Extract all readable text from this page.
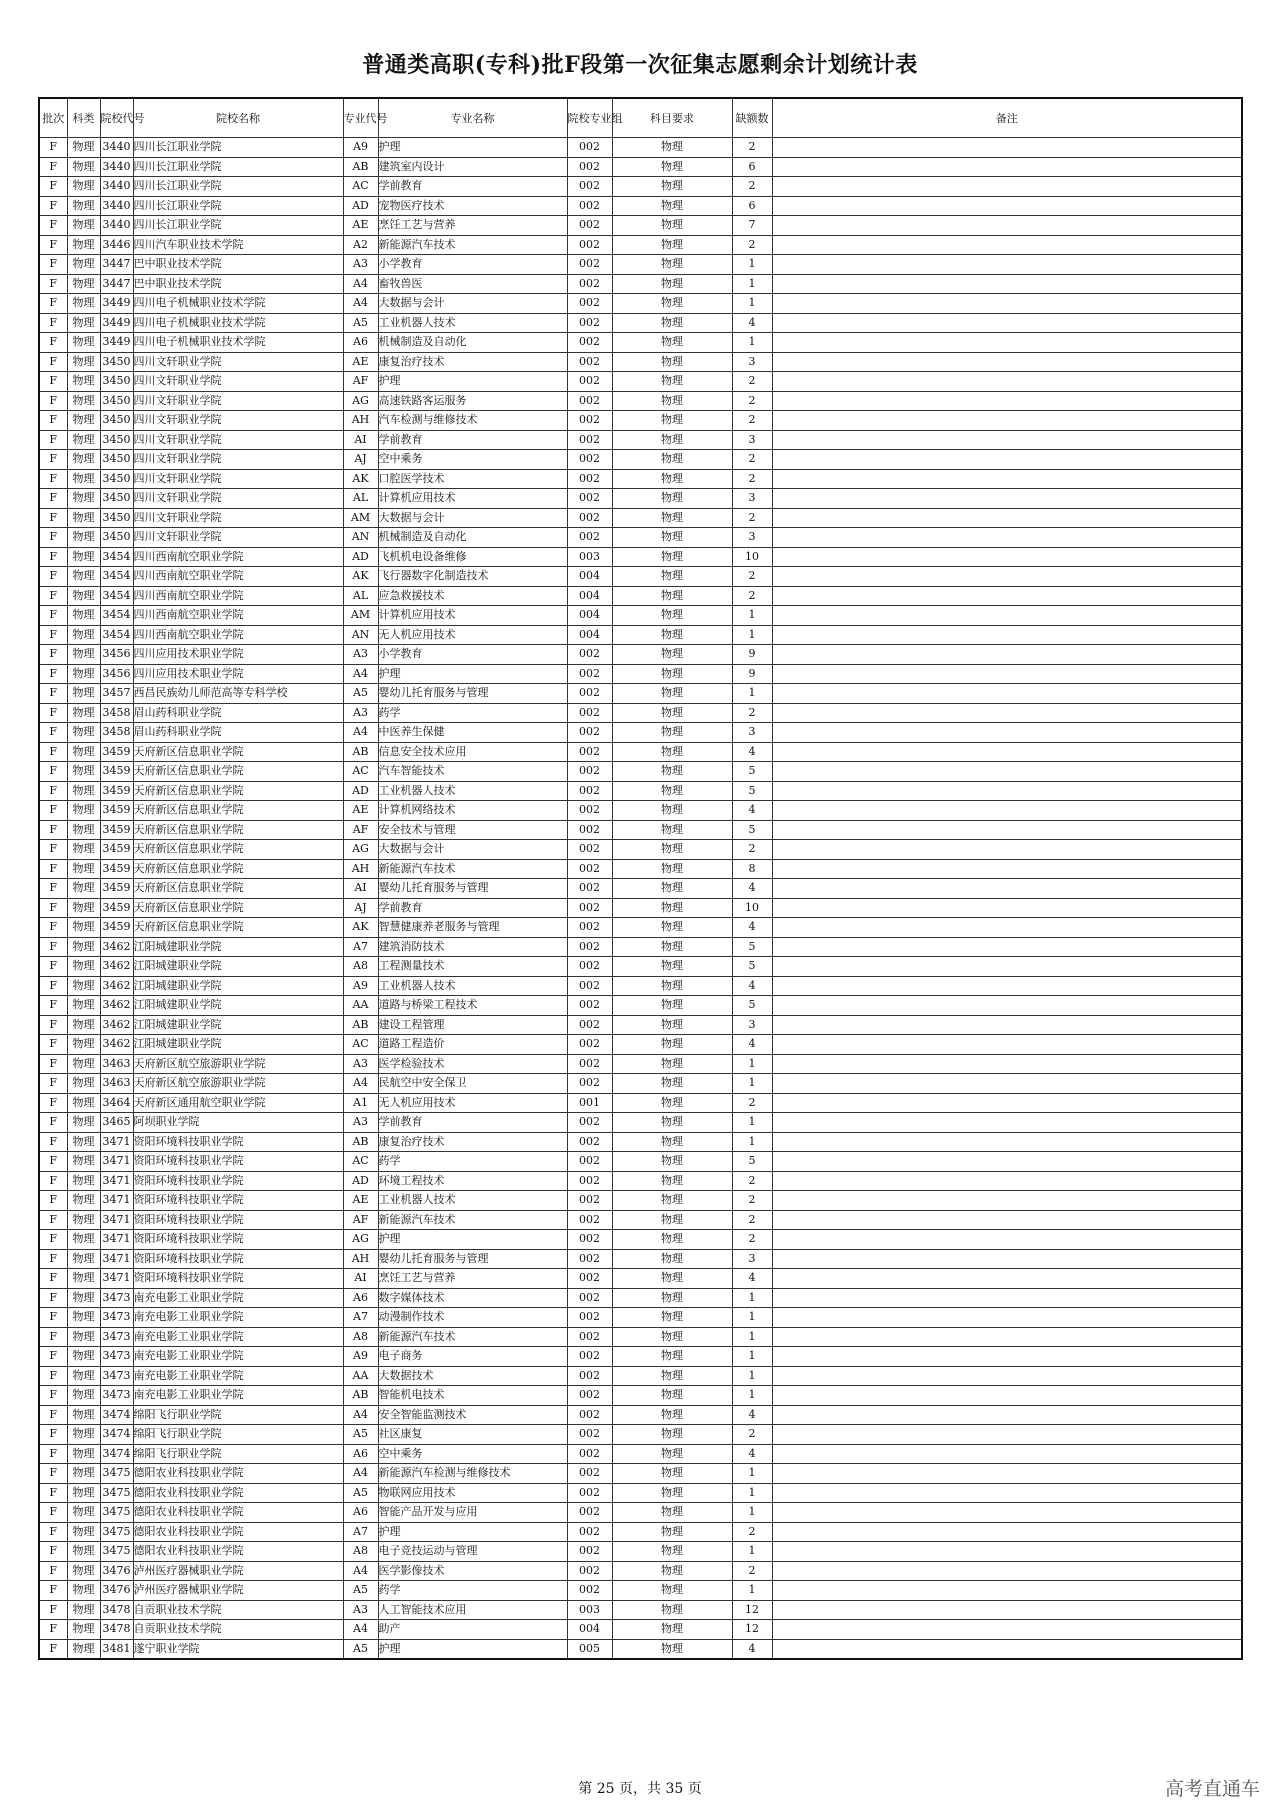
普通类高职(专科)批F段第一次征集志愿剩余计划统计表
批次	科类	院校代号	院校名称	专业代号	专业名称	院校专业组	科目要求	缺额数	备注
F	物理	3440	四川长江职业学院	A9	护理	002	物理	2	
F	物理	3440	四川长江职业学院	AB	建筑室内设计	002	物理	6	
F	物理	3440	四川长江职业学院	AC	学前教育	002	物理	2	
F	物理	3440	四川长江职业学院	AD	宠物医疗技术	002	物理	6	
F	物理	3440	四川长江职业学院	AE	烹饪工艺与营养	002	物理	7	
F	物理	3446	四川汽车职业技术学院	A2	新能源汽车技术	002	物理	2	
F	物理	3447	巴中职业技术学院	A3	小学教育	002	物理	1	
F	物理	3447	巴中职业技术学院	A4	畜牧兽医	002	物理	1	
F	物理	3449	四川电子机械职业技术学院	A4	大数据与会计	002	物理	1	
F	物理	3449	四川电子机械职业技术学院	A5	工业机器人技术	002	物理	4	
F	物理	3449	四川电子机械职业技术学院	A6	机械制造及自动化	002	物理	1	
F	物理	3450	四川文轩职业学院	AE	康复治疗技术	002	物理	3	
F	物理	3450	四川文轩职业学院	AF	护理	002	物理	2	
F	物理	3450	四川文轩职业学院	AG	高速铁路客运服务	002	物理	2	
F	物理	3450	四川文轩职业学院	AH	汽车检测与维修技术	002	物理	2	
F	物理	3450	四川文轩职业学院	AI	学前教育	002	物理	3	
F	物理	3450	四川文轩职业学院	AJ	空中乘务	002	物理	2	
F	物理	3450	四川文轩职业学院	AK	口腔医学技术	002	物理	2	
F	物理	3450	四川文轩职业学院	AL	计算机应用技术	002	物理	3	
F	物理	3450	四川文轩职业学院	AM	大数据与会计	002	物理	2	
F	物理	3450	四川文轩职业学院	AN	机械制造及自动化	002	物理	3	
F	物理	3454	四川西南航空职业学院	AD	飞机机电设备维修	003	物理	10	
F	物理	3454	四川西南航空职业学院	AK	飞行器数字化制造技术	004	物理	2	
F	物理	3454	四川西南航空职业学院	AL	应急救援技术	004	物理	2	
F	物理	3454	四川西南航空职业学院	AM	计算机应用技术	004	物理	1	
F	物理	3454	四川西南航空职业学院	AN	无人机应用技术	004	物理	1	
F	物理	3456	四川应用技术职业学院	A3	小学教育	002	物理	9	
F	物理	3456	四川应用技术职业学院	A4	护理	002	物理	9	
F	物理	3457	西昌民族幼儿师范高等专科学校	A5	婴幼儿托育服务与管理	002	物理	1	
F	物理	3458	眉山药科职业学院	A3	药学	002	物理	2	
F	物理	3458	眉山药科职业学院	A4	中医养生保健	002	物理	3	
F	物理	3459	天府新区信息职业学院	AB	信息安全技术应用	002	物理	4	
F	物理	3459	天府新区信息职业学院	AC	汽车智能技术	002	物理	5	
F	物理	3459	天府新区信息职业学院	AD	工业机器人技术	002	物理	5	
F	物理	3459	天府新区信息职业学院	AE	计算机网络技术	002	物理	4	
F	物理	3459	天府新区信息职业学院	AF	安全技术与管理	002	物理	5	
F	物理	3459	天府新区信息职业学院	AG	大数据与会计	002	物理	2	
F	物理	3459	天府新区信息职业学院	AH	新能源汽车技术	002	物理	8	
F	物理	3459	天府新区信息职业学院	AI	婴幼儿托育服务与管理	002	物理	4	
F	物理	3459	天府新区信息职业学院	AJ	学前教育	002	物理	10	
F	物理	3459	天府新区信息职业学院	AK	智慧健康养老服务与管理	002	物理	4	
F	物理	3462	江阳城建职业学院	A7	建筑消防技术	002	物理	5	
F	物理	3462	江阳城建职业学院	A8	工程测量技术	002	物理	5	
F	物理	3462	江阳城建职业学院	A9	工业机器人技术	002	物理	4	
F	物理	3462	江阳城建职业学院	AA	道路与桥梁工程技术	002	物理	5	
F	物理	3462	江阳城建职业学院	AB	建设工程管理	002	物理	3	
F	物理	3462	江阳城建职业学院	AC	道路工程造价	002	物理	4	
F	物理	3463	天府新区航空旅游职业学院	A3	医学检验技术	002	物理	1	
F	物理	3463	天府新区航空旅游职业学院	A4	民航空中安全保卫	002	物理	1	
F	物理	3464	天府新区通用航空职业学院	A1	无人机应用技术	001	物理	2	
F	物理	3465	阿坝职业学院	A3	学前教育	002	物理	1	
F	物理	3471	资阳环境科技职业学院	AB	康复治疗技术	002	物理	1	
F	物理	3471	资阳环境科技职业学院	AC	药学	002	物理	5	
F	物理	3471	资阳环境科技职业学院	AD	环境工程技术	002	物理	2	
F	物理	3471	资阳环境科技职业学院	AE	工业机器人技术	002	物理	2	
F	物理	3471	资阳环境科技职业学院	AF	新能源汽车技术	002	物理	2	
F	物理	3471	资阳环境科技职业学院	AG	护理	002	物理	2	
F	物理	3471	资阳环境科技职业学院	AH	婴幼儿托育服务与管理	002	物理	3	
F	物理	3471	资阳环境科技职业学院	AI	烹饪工艺与营养	002	物理	4	
F	物理	3473	南充电影工业职业学院	A6	数字媒体技术	002	物理	1	
F	物理	3473	南充电影工业职业学院	A7	动漫制作技术	002	物理	1	
F	物理	3473	南充电影工业职业学院	A8	新能源汽车技术	002	物理	1	
F	物理	3473	南充电影工业职业学院	A9	电子商务	002	物理	1	
F	物理	3473	南充电影工业职业学院	AA	大数据技术	002	物理	1	
F	物理	3473	南充电影工业职业学院	AB	智能机电技术	002	物理	1	
F	物理	3474	绵阳飞行职业学院	A4	安全智能监测技术	002	物理	4	
F	物理	3474	绵阳飞行职业学院	A5	社区康复	002	物理	2	
F	物理	3474	绵阳飞行职业学院	A6	空中乘务	002	物理	4	
F	物理	3475	德阳农业科技职业学院	A4	新能源汽车检测与维修技术	002	物理	1	
F	物理	3475	德阳农业科技职业学院	A5	物联网应用技术	002	物理	1	
F	物理	3475	德阳农业科技职业学院	A6	智能产品开发与应用	002	物理	1	
F	物理	3475	德阳农业科技职业学院	A7	护理	002	物理	2	
F	物理	3475	德阳农业科技职业学院	A8	电子竞技运动与管理	002	物理	1	
F	物理	3476	泸州医疗器械职业学院	A4	医学影像技术	002	物理	2	
F	物理	3476	泸州医疗器械职业学院	A5	药学	002	物理	1	
F	物理	3478	自贡职业技术学院	A3	人工智能技术应用	003	物理	12	
F	物理	3478	自贡职业技术学院	A4	助产	004	物理	12	
F	物理	3481	遂宁职业学院	A5	护理	005	物理	4	
第 25 页，共 35 页	高考直通车
